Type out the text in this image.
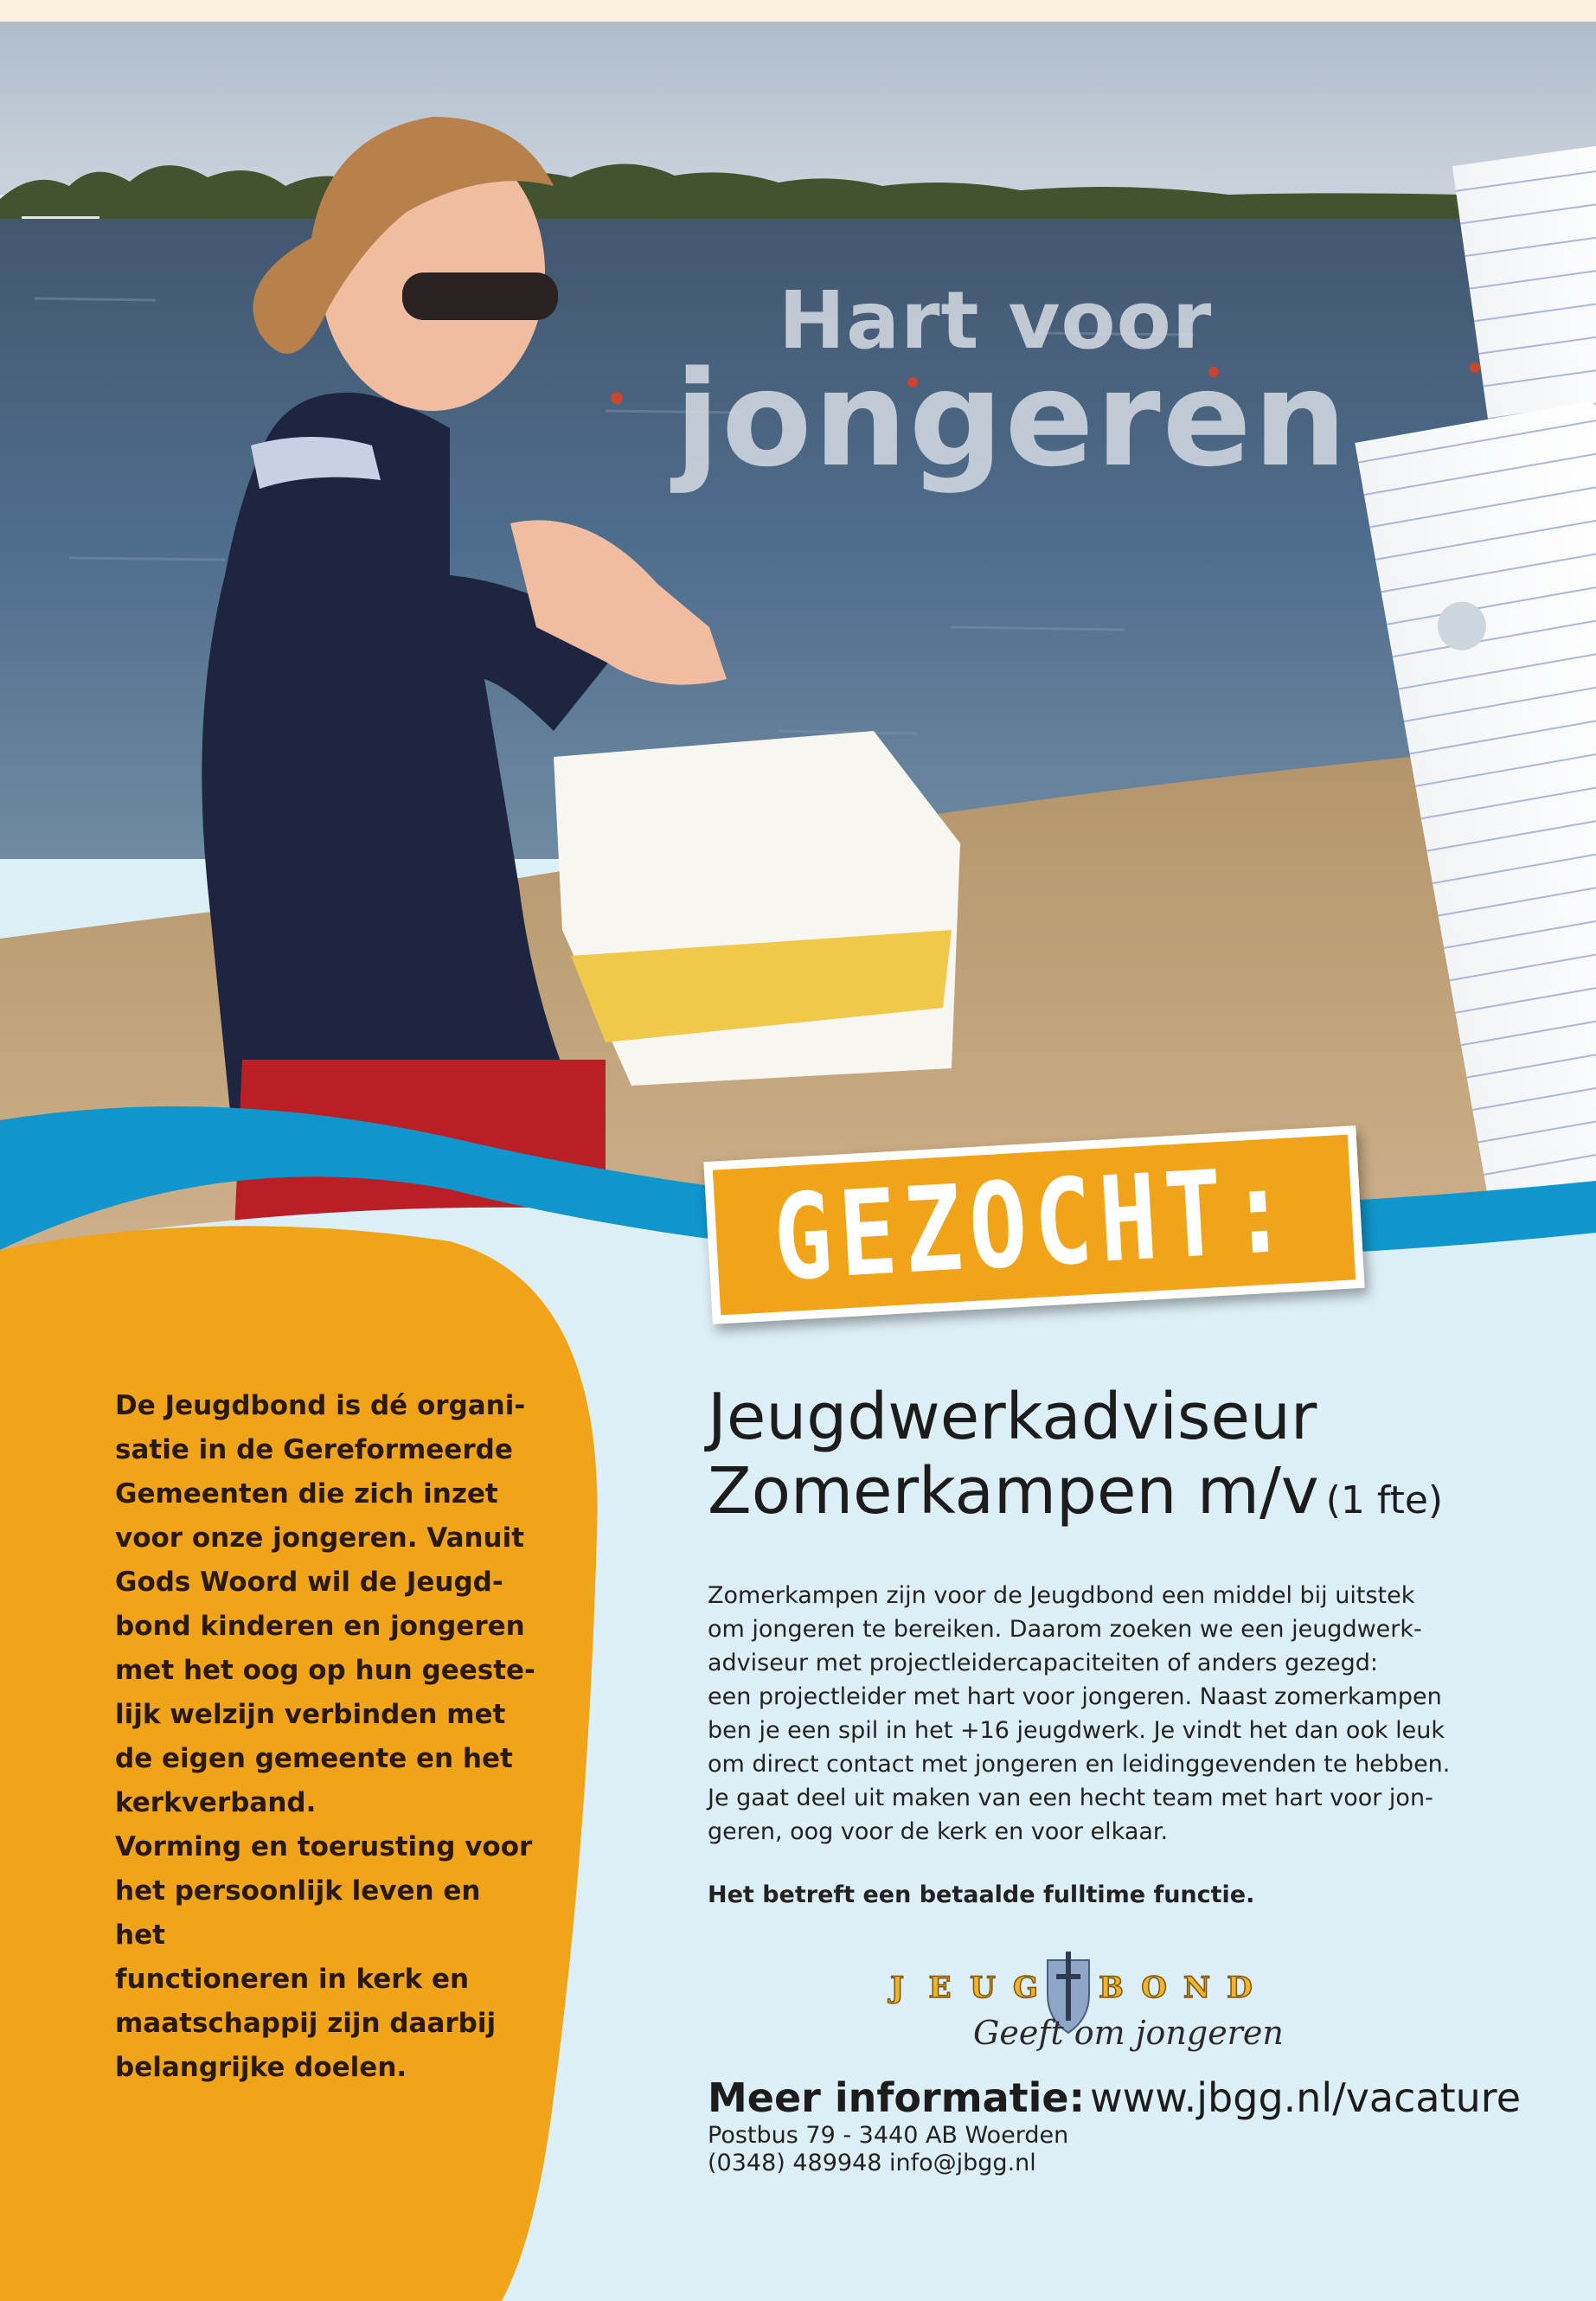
Hart voor
jongeren
GEZOCHT:

De Jeugdbond is dé organi-
satie in de Gereformeerde
Gemeenten die zich inzet
voor onze jongeren. Vanuit
Gods Woord wil de Jeugd-
bond kinderen en jongeren
met het oog op hun geeste-
lijk welzijn verbinden met
de eigen gemeente en het
kerkverband.
Vorming en toerusting voor
het persoonlijk leven en het
functioneren in kerk en
maatschappij zijn daarbij
belangrijke doelen.

Jeugdwerkadviseur
Zomerkampen m/v (1 fte)

Zomerkampen zijn voor de Jeugdbond een middel bij uitstek
om jongeren te bereiken. Daarom zoeken we een jeugdwerk-
adviseur met projectleidercapaciteiten of anders gezegd:
een projectleider met hart voor jongeren. Naast zomerkampen
ben je een spil in het +16 jeugdwerk. Je vindt het dan ook leuk
om direct contact met jongeren en leidinggevenden te hebben.
Je gaat deel uit maken van een hecht team met hart voor jon-
geren, oog voor de kerk en voor elkaar.

Het betreft een betaalde fulltime functie.

J E U G B O N D
Geeft om jongeren

Meer informatie: www.jbgg.nl/vacature

Postbus 79 - 3440 AB Woerden

(0348) 489948 info@jbgg.nl
